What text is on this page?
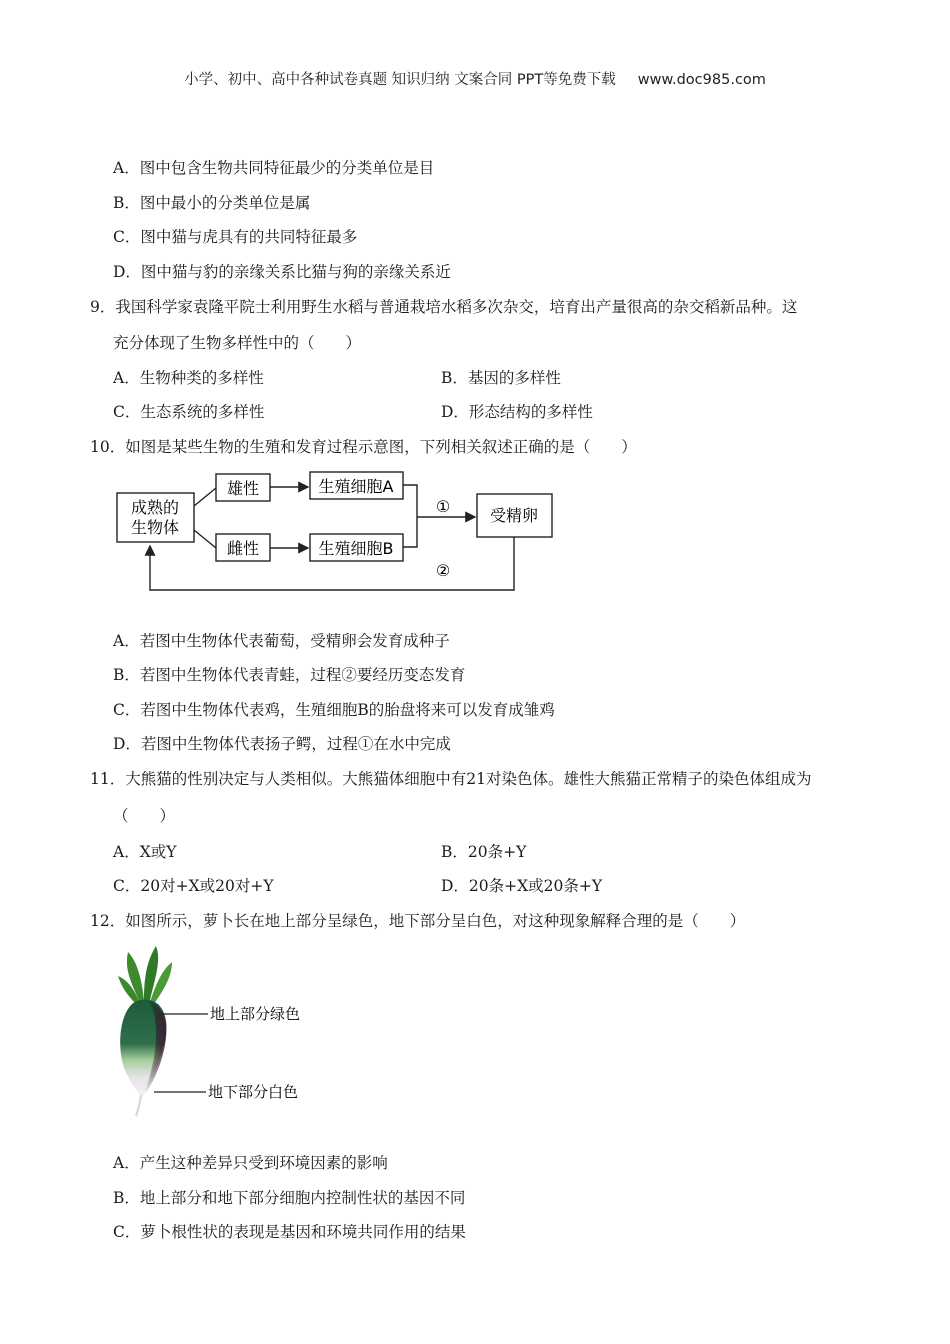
小学、初中、高中各种试卷真题 知识归纳 文案合同 PPT等免费下载 www.doc985.com
A．图中包含生物共同特征最少的分类单位是目
B．图中最小的分类单位是属
C．图中猫与虎具有的共同特征最多
D．图中猫与豹的亲缘关系比猫与狗的亲缘关系近
9．我国科学家袁隆平院士利用野生水稻与普通栽培水稻多次杂交，培育出产量很高的杂交稻新品种。这
充分体现了生物多样性中的（　　）
A．生物种类的多样性	B．基因的多样性
C．生态系统的多样性	D．形态结构的多样性
10．如图是某些生物的生殖和发育过程示意图，下列相关叙述正确的是（　　）
成熟的
生物体
雄性
雌性
生殖细胞A
生殖细胞B
① 受精卵
②
A．若图中生物体代表葡萄，受精卵会发育成种子
B．若图中生物体代表青蛙，过程②要经历变态发育
C．若图中生物体代表鸡，生殖细胞B的胎盘将来可以发育成雏鸡
D．若图中生物体代表扬子鳄，过程①在水中完成
11．大熊猫的性别决定与人类相似。大熊猫体细胞中有21对染色体。雄性大熊猫正常精子的染色体组成为
（　　）
A．X或Y	B．20条+Y
C．20对+X或20对+Y	D．20条+X或20条+Y
12．如图所示，萝卜长在地上部分呈绿色，地下部分呈白色，对这种现象解释合理的是（　　）
地上部分绿色
地下部分白色
A．产生这种差异只受到环境因素的影响
B．地上部分和地下部分细胞内控制性状的基因不同
C．萝卜根性状的表现是基因和环境共同作用的结果
